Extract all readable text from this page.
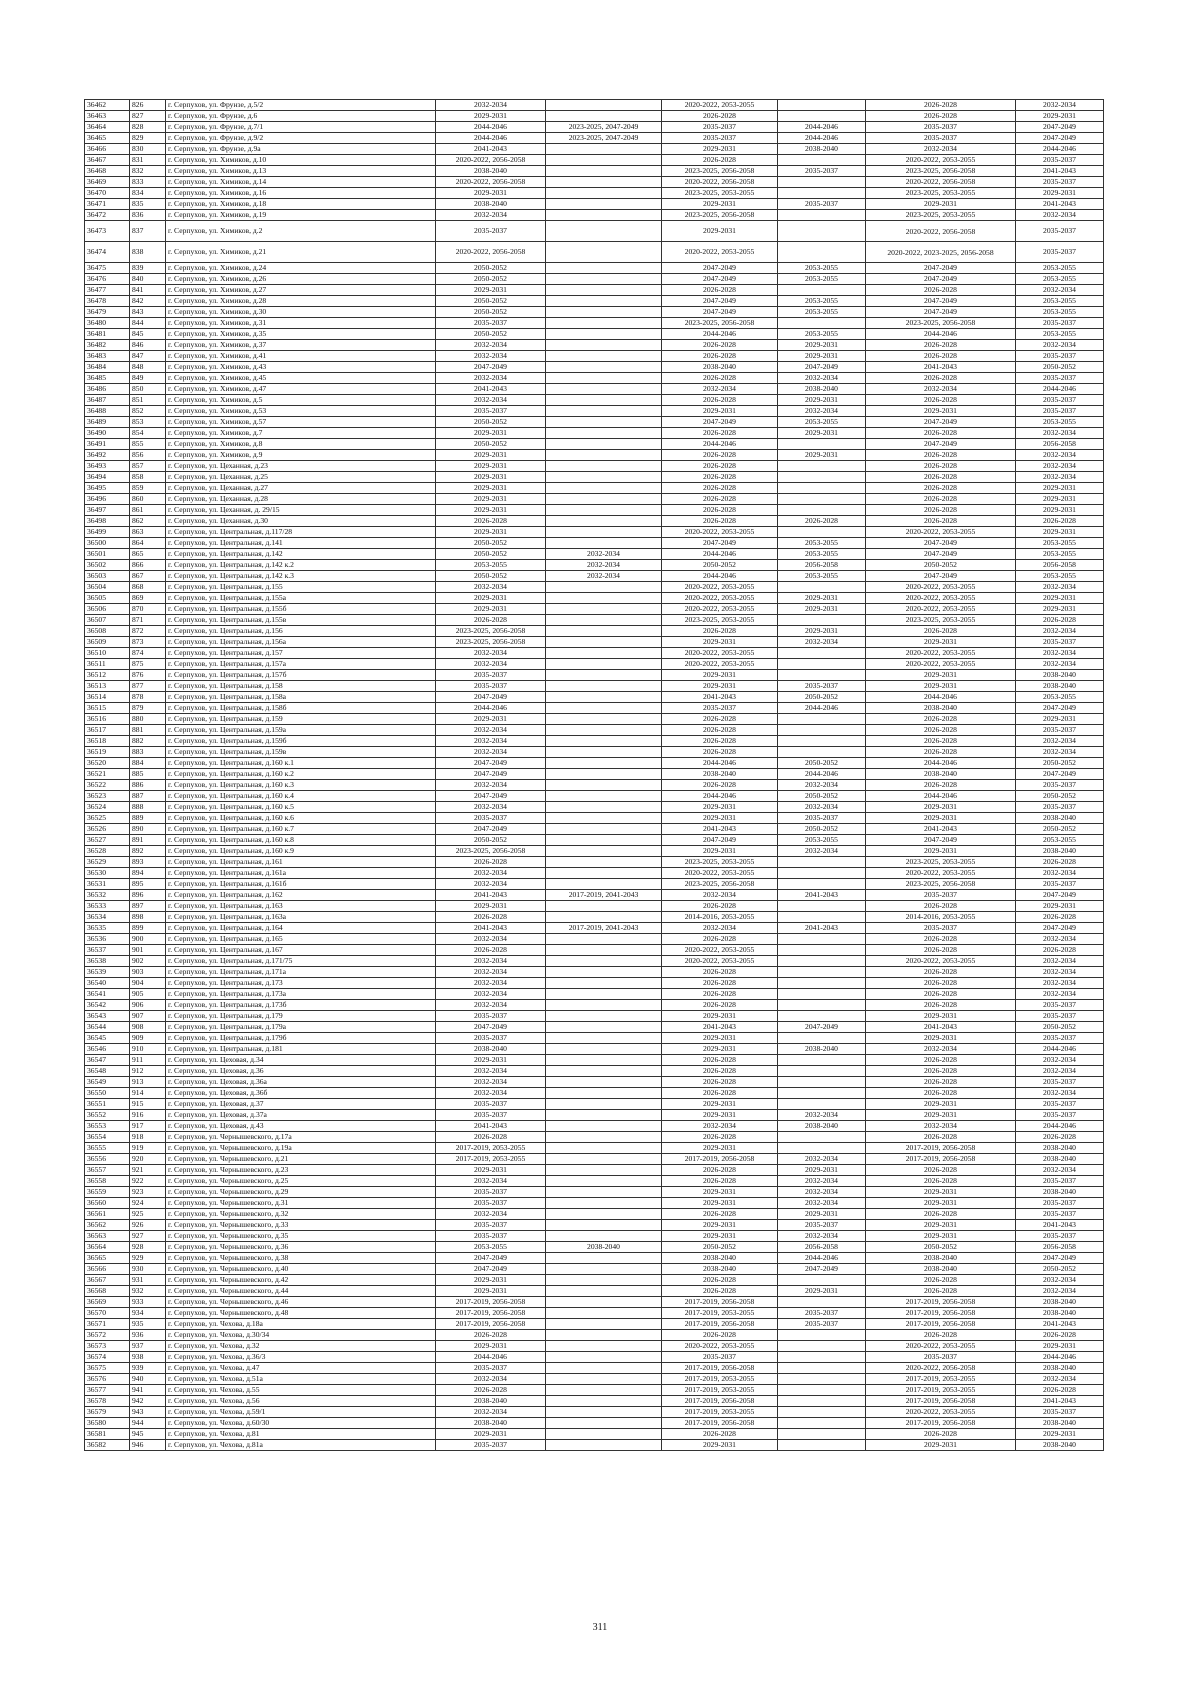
36462	826	г. Серпухов, ул. Фрунзе, д.5/2	2032-2034		2020-2022, 2053-2055		2026-2028	2032-2034
36463	827	г. Серпухов, ул. Фрунзе, д.6	2029-2031		2026-2028		2026-2028	2029-2031
36464	828	г. Серпухов, ул. Фрунзе, д.7/1	2044-2046	2023-2025, 2047-2049	2035-2037	2044-2046	2035-2037	2047-2049
36465	829	г. Серпухов, ул. Фрунзе, д.9/2	2044-2046	2023-2025, 2047-2049	2035-2037	2044-2046	2035-2037	2047-2049
36466	830	г. Серпухов, ул. Фрунзе, д.9а	2041-2043		2029-2031	2038-2040	2032-2034	2044-2046
36467	831	г. Серпухов, ул. Химиков, д.10	2020-2022, 2056-2058		2026-2028		2020-2022, 2053-2055	2035-2037
36468	832	г. Серпухов, ул. Химиков, д.13	2038-2040		2023-2025, 2056-2058	2035-2037	2023-2025, 2056-2058	2041-2043
36469	833	г. Серпухов, ул. Химиков, д.14	2020-2022, 2056-2058		2020-2022, 2056-2058		2020-2022, 2056-2058	2035-2037
36470	834	г. Серпухов, ул. Химиков, д.16	2029-2031		2023-2025, 2053-2055		2023-2025, 2053-2055	2029-2031
36471	835	г. Серпухов, ул. Химиков, д.18	2038-2040		2029-2031	2035-2037	2029-2031	2041-2043
36472	836	г. Серпухов, ул. Химиков, д.19	2032-2034		2023-2025, 2056-2058		2023-2025, 2053-2055	2032-2034
36473	837	г. Серпухов, ул. Химиков, д.2	2035-2037		2029-2031		2020-2022, 2056-2058	2035-2037
36474	838	г. Серпухов, ул. Химиков, д.21	2020-2022, 2056-2058		2020-2022, 2053-2055		2020-2022, 2023-2025, 2056-2058	2035-2037
36475	839	г. Серпухов, ул. Химиков, д.24	2050-2052		2047-2049	2053-2055	2047-2049	2053-2055
36476	840	г. Серпухов, ул. Химиков, д.26	2050-2052		2047-2049	2053-2055	2047-2049	2053-2055
36477	841	г. Серпухов, ул. Химиков, д.27	2029-2031		2026-2028		2026-2028	2032-2034
36478	842	г. Серпухов, ул. Химиков, д.28	2050-2052		2047-2049	2053-2055	2047-2049	2053-2055
36479	843	г. Серпухов, ул. Химиков, д.30	2050-2052		2047-2049	2053-2055	2047-2049	2053-2055
36480	844	г. Серпухов, ул. Химиков, д.31	2035-2037		2023-2025, 2056-2058		2023-2025, 2056-2058	2035-2037
36481	845	г. Серпухов, ул. Химиков, д.35	2050-2052		2044-2046	2053-2055	2044-2046	2053-2055
36482	846	г. Серпухов, ул. Химиков, д.37	2032-2034		2026-2028	2029-2031	2026-2028	2032-2034
36483	847	г. Серпухов, ул. Химиков, д.41	2032-2034		2026-2028	2029-2031	2026-2028	2035-2037
36484	848	г. Серпухов, ул. Химиков, д.43	2047-2049		2038-2040	2047-2049	2041-2043	2050-2052
36485	849	г. Серпухов, ул. Химиков, д.45	2032-2034		2026-2028	2032-2034	2026-2028	2035-2037
36486	850	г. Серпухов, ул. Химиков, д.47	2041-2043		2032-2034	2038-2040	2032-2034	2044-2046
36487	851	г. Серпухов, ул. Химиков, д.5	2032-2034		2026-2028	2029-2031	2026-2028	2035-2037
36488	852	г. Серпухов, ул. Химиков, д.53	2035-2037		2029-2031	2032-2034	2029-2031	2035-2037
36489	853	г. Серпухов, ул. Химиков, д.57	2050-2052		2047-2049	2053-2055	2047-2049	2053-2055
36490	854	г. Серпухов, ул. Химиков, д.7	2029-2031		2026-2028	2029-2031	2026-2028	2032-2034
36491	855	г. Серпухов, ул. Химиков, д.8	2050-2052		2044-2046		2047-2049	2056-2058
36492	856	г. Серпухов, ул. Химиков, д.9	2029-2031		2026-2028	2029-2031	2026-2028	2032-2034
36493	857	г. Серпухов, ул. Цеханная, д.23	2029-2031		2026-2028		2026-2028	2032-2034
36494	858	г. Серпухов, ул. Цеханная, д.25	2029-2031		2026-2028		2026-2028	2032-2034
36495	859	г. Серпухов, ул. Цеханная, д.27	2029-2031		2026-2028		2026-2028	2029-2031
36496	860	г. Серпухов, ул. Цеханная, д.28	2029-2031		2026-2028		2026-2028	2029-2031
36497	861	г. Серпухов, ул. Цеханная, д. 29/15	2029-2031		2026-2028		2026-2028	2029-2031
36498	862	г. Серпухов, ул. Цеханная, д.30	2026-2028		2026-2028	2026-2028	2026-2028	2026-2028
36499	863	г. Серпухов, ул. Центральная, д.117/28	2029-2031		2020-2022, 2053-2055		2020-2022, 2053-2055	2029-2031
36500	864	г. Серпухов, ул. Центральная, д.141	2050-2052		2047-2049	2053-2055	2047-2049	2053-2055
36501	865	г. Серпухов, ул. Центральная, д.142	2050-2052	2032-2034	2044-2046	2053-2055	2047-2049	2053-2055
36502	866	г. Серпухов, ул. Центральная, д.142 к.2	2053-2055	2032-2034	2050-2052	2056-2058	2050-2052	2056-2058
36503	867	г. Серпухов, ул. Центральная, д.142 к.3	2050-2052	2032-2034	2044-2046	2053-2055	2047-2049	2053-2055
36504	868	г. Серпухов, ул. Центральная, д.155	2032-2034		2020-2022, 2053-2055		2020-2022, 2053-2055	2032-2034
36505	869	г. Серпухов, ул. Центральная, д.155а	2029-2031		2020-2022, 2053-2055	2029-2031	2020-2022, 2053-2055	2029-2031
36506	870	г. Серпухов, ул. Центральная, д.155б	2029-2031		2020-2022, 2053-2055	2029-2031	2020-2022, 2053-2055	2029-2031
36507	871	г. Серпухов, ул. Центральная, д.155в	2026-2028		2023-2025, 2053-2055		2023-2025, 2053-2055	2026-2028
36508	872	г. Серпухов, ул. Центральная, д.156	2023-2025, 2056-2058		2026-2028	2029-2031	2026-2028	2032-2034
36509	873	г. Серпухов, ул. Центральная, д.156а	2023-2025, 2056-2058		2029-2031	2032-2034	2029-2031	2035-2037
36510	874	г. Серпухов, ул. Центральная, д.157	2032-2034		2020-2022, 2053-2055		2020-2022, 2053-2055	2032-2034
36511	875	г. Серпухов, ул. Центральная, д.157а	2032-2034		2020-2022, 2053-2055		2020-2022, 2053-2055	2032-2034
36512	876	г. Серпухов, ул. Центральная, д.157б	2035-2037		2029-2031		2029-2031	2038-2040
36513	877	г. Серпухов, ул. Центральная, д.158	2035-2037		2029-2031	2035-2037	2029-2031	2038-2040
36514	878	г. Серпухов, ул. Центральная, д.158а	2047-2049		2041-2043	2050-2052	2044-2046	2053-2055
36515	879	г. Серпухов, ул. Центральная, д.158б	2044-2046		2035-2037	2044-2046	2038-2040	2047-2049
36516	880	г. Серпухов, ул. Центральная, д.159	2029-2031		2026-2028		2026-2028	2029-2031
36517	881	г. Серпухов, ул. Центральная, д.159а	2032-2034		2026-2028		2026-2028	2035-2037
36518	882	г. Серпухов, ул. Центральная, д.159б	2032-2034		2026-2028		2026-2028	2032-2034
36519	883	г. Серпухов, ул. Центральная, д.159в	2032-2034		2026-2028		2026-2028	2032-2034
36520	884	г. Серпухов, ул. Центральная, д.160 к.1	2047-2049		2044-2046	2050-2052	2044-2046	2050-2052
36521	885	г. Серпухов, ул. Центральная, д.160 к.2	2047-2049		2038-2040	2044-2046	2038-2040	2047-2049
36522	886	г. Серпухов, ул. Центральная, д.160 к.3	2032-2034		2026-2028	2032-2034	2026-2028	2035-2037
36523	887	г. Серпухов, ул. Центральная, д.160 к.4	2047-2049		2044-2046	2050-2052	2044-2046	2050-2052
36524	888	г. Серпухов, ул. Центральная, д.160 к.5	2032-2034		2029-2031	2032-2034	2029-2031	2035-2037
36525	889	г. Серпухов, ул. Центральная, д.160 к.6	2035-2037		2029-2031	2035-2037	2029-2031	2038-2040
36526	890	г. Серпухов, ул. Центральная, д.160 к.7	2047-2049		2041-2043	2050-2052	2041-2043	2050-2052
36527	891	г. Серпухов, ул. Центральная, д.160 к.8	2050-2052		2047-2049	2053-2055	2047-2049	2053-2055
36528	892	г. Серпухов, ул. Центральная, д.160 к.9	2023-2025, 2056-2058		2029-2031	2032-2034	2029-2031	2038-2040
36529	893	г. Серпухов, ул. Центральная, д.161	2026-2028		2023-2025, 2053-2055		2023-2025, 2053-2055	2026-2028
36530	894	г. Серпухов, ул. Центральная, д.161а	2032-2034		2020-2022, 2053-2055		2020-2022, 2053-2055	2032-2034
36531	895	г. Серпухов, ул. Центральная, д.161б	2032-2034		2023-2025, 2056-2058		2023-2025, 2056-2058	2035-2037
36532	896	г. Серпухов, ул. Центральная, д.162	2041-2043	2017-2019, 2041-2043	2032-2034	2041-2043	2035-2037	2047-2049
36533	897	г. Серпухов, ул. Центральная, д.163	2029-2031		2026-2028		2026-2028	2029-2031
36534	898	г. Серпухов, ул. Центральная, д.163а	2026-2028		2014-2016, 2053-2055		2014-2016, 2053-2055	2026-2028
36535	899	г. Серпухов, ул. Центральная, д.164	2041-2043	2017-2019, 2041-2043	2032-2034	2041-2043	2035-2037	2047-2049
36536	900	г. Серпухов, ул. Центральная, д.165	2032-2034		2026-2028		2026-2028	2032-2034
36537	901	г. Серпухов, ул. Центральная, д.167	2026-2028		2020-2022, 2053-2055		2026-2028	2026-2028
36538	902	г. Серпухов, ул. Центральная, д.171/75	2032-2034		2020-2022, 2053-2055		2020-2022, 2053-2055	2032-2034
36539	903	г. Серпухов, ул. Центральная, д.171а	2032-2034		2026-2028		2026-2028	2032-2034
36540	904	г. Серпухов, ул. Центральная, д.173	2032-2034		2026-2028		2026-2028	2032-2034
36541	905	г. Серпухов, ул. Центральная, д.173а	2032-2034		2026-2028		2026-2028	2032-2034
36542	906	г. Серпухов, ул. Центральная, д.173б	2032-2034		2026-2028		2026-2028	2035-2037
36543	907	г. Серпухов, ул. Центральная, д.179	2035-2037		2029-2031		2029-2031	2035-2037
36544	908	г. Серпухов, ул. Центральная, д.179а	2047-2049		2041-2043	2047-2049	2041-2043	2050-2052
36545	909	г. Серпухов, ул. Центральная, д.179б	2035-2037		2029-2031		2029-2031	2035-2037
36546	910	г. Серпухов, ул. Центральная, д.181	2038-2040		2029-2031	2038-2040	2032-2034	2044-2046
36547	911	г. Серпухов, ул. Цеховая, д.34	2029-2031		2026-2028		2026-2028	2032-2034
36548	912	г. Серпухов, ул. Цеховая, д.36	2032-2034		2026-2028		2026-2028	2032-2034
36549	913	г. Серпухов, ул. Цеховая, д.36а	2032-2034		2026-2028		2026-2028	2035-2037
36550	914	г. Серпухов, ул. Цеховая, д.36б	2032-2034		2026-2028		2026-2028	2032-2034
36551	915	г. Серпухов, ул. Цеховая, д.37	2035-2037		2029-2031		2029-2031	2035-2037
36552	916	г. Серпухов, ул. Цеховая, д.37а	2035-2037		2029-2031	2032-2034	2029-2031	2035-2037
36553	917	г. Серпухов, ул. Цеховая, д.43	2041-2043		2032-2034	2038-2040	2032-2034	2044-2046
36554	918	г. Серпухов, ул. Чернышевского, д.17а	2026-2028		2026-2028		2026-2028	2026-2028
36555	919	г. Серпухов, ул. Чернышевского, д.19а	2017-2019, 2053-2055		2029-2031		2017-2019, 2056-2058	2038-2040
36556	920	г. Серпухов, ул. Чернышевского, д.21	2017-2019, 2053-2055		2017-2019, 2056-2058	2032-2034	2017-2019, 2056-2058	2038-2040
36557	921	г. Серпухов, ул. Чернышевского, д.23	2029-2031		2026-2028	2029-2031	2026-2028	2032-2034
36558	922	г. Серпухов, ул. Чернышевского, д.25	2032-2034		2026-2028	2032-2034	2026-2028	2035-2037
36559	923	г. Серпухов, ул. Чернышевского, д.29	2035-2037		2029-2031	2032-2034	2029-2031	2038-2040
36560	924	г. Серпухов, ул. Чернышевского, д.31	2035-2037		2029-2031	2032-2034	2029-2031	2035-2037
36561	925	г. Серпухов, ул. Чернышевского, д.32	2032-2034		2026-2028	2029-2031	2026-2028	2035-2037
36562	926	г. Серпухов, ул. Чернышевского, д.33	2035-2037		2029-2031	2035-2037	2029-2031	2041-2043
36563	927	г. Серпухов, ул. Чернышевского, д.35	2035-2037		2029-2031	2032-2034	2029-2031	2035-2037
36564	928	г. Серпухов, ул. Чернышевского, д.36	2053-2055	2038-2040	2050-2052	2056-2058	2050-2052	2056-2058
36565	929	г. Серпухов, ул. Чернышевского, д.38	2047-2049		2038-2040	2044-2046	2038-2040	2047-2049
36566	930	г. Серпухов, ул. Чернышевского, д.40	2047-2049		2038-2040	2047-2049	2038-2040	2050-2052
36567	931	г. Серпухов, ул. Чернышевского, д.42	2029-2031		2026-2028		2026-2028	2032-2034
36568	932	г. Серпухов, ул. Чернышевского, д.44	2029-2031		2026-2028	2029-2031	2026-2028	2032-2034
36569	933	г. Серпухов, ул. Чернышевского, д.46	2017-2019, 2056-2058		2017-2019, 2056-2058		2017-2019, 2056-2058	2038-2040
36570	934	г. Серпухов, ул. Чернышевского, д.48	2017-2019, 2056-2058		2017-2019, 2053-2055	2035-2037	2017-2019, 2056-2058	2038-2040
36571	935	г. Серпухов, ул. Чехова, д.18а	2017-2019, 2056-2058		2017-2019, 2056-2058	2035-2037	2017-2019, 2056-2058	2041-2043
36572	936	г. Серпухов, ул. Чехова, д.30/34	2026-2028		2026-2028		2026-2028	2026-2028
36573	937	г. Серпухов, ул. Чехова, д.32	2029-2031		2020-2022, 2053-2055		2020-2022, 2053-2055	2029-2031
36574	938	г. Серпухов, ул. Чехова, д.36/3	2044-2046		2035-2037		2035-2037	2044-2046
36575	939	г. Серпухов, ул. Чехова, д.47	2035-2037		2017-2019, 2056-2058		2020-2022, 2056-2058	2038-2040
36576	940	г. Серпухов, ул. Чехова, д.51а	2032-2034		2017-2019, 2053-2055		2017-2019, 2053-2055	2032-2034
36577	941	г. Серпухов, ул. Чехова, д.55	2026-2028		2017-2019, 2053-2055		2017-2019, 2053-2055	2026-2028
36578	942	г. Серпухов, ул. Чехова, д.56	2038-2040		2017-2019, 2056-2058		2017-2019, 2056-2058	2041-2043
36579	943	г. Серпухов, ул. Чехова, д.59/1	2032-2034		2017-2019, 2053-2055		2020-2022, 2053-2055	2035-2037
36580	944	г. Серпухов, ул. Чехова, д.60/30	2038-2040		2017-2019, 2056-2058		2017-2019, 2056-2058	2038-2040
36581	945	г. Серпухов, ул. Чехова, д.81	2029-2031		2026-2028		2026-2028	2029-2031
36582	946	г. Серпухов, ул. Чехова, д.81а	2035-2037		2029-2031		2029-2031	2038-2040
311
